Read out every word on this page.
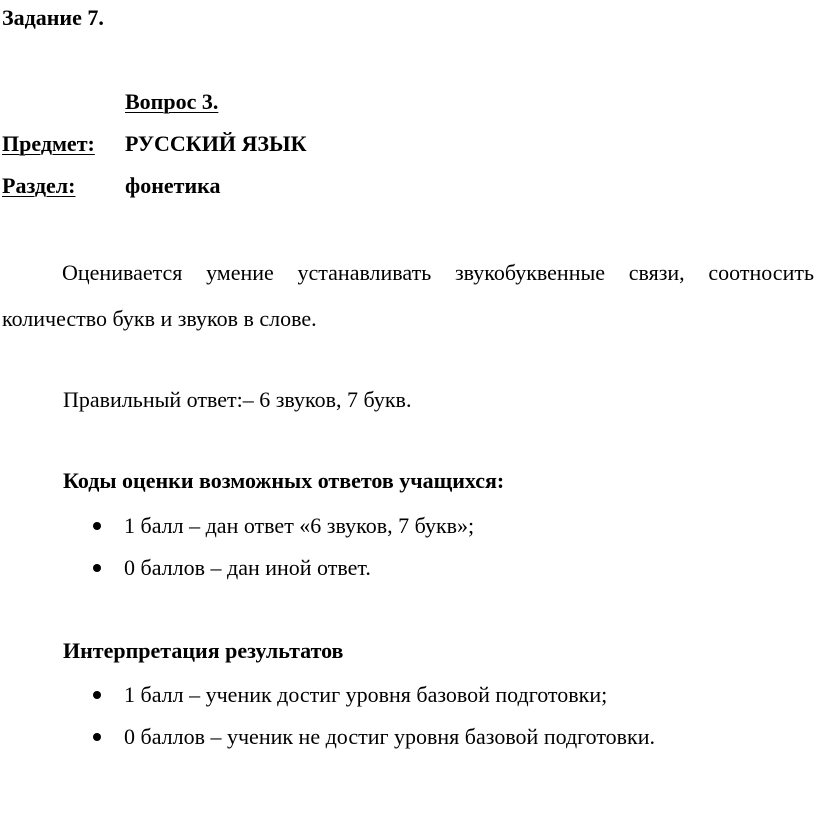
Задание 7.
Вопрос 3.
Предмет: РУССКИЙ ЯЗЫК
Раздел: фонетика
Оценивается умение устанавливать звукобуквенные связи, соотносить
количество букв и звуков в слове.
Правильный ответ:– 6 звуков, 7 букв.
Коды оценки возможных ответов учащихся:
1 балл – дан ответ «6 звуков, 7 букв»;
0 баллов – дан иной ответ.
Интерпретация результатов
1 балл – ученик достиг уровня базовой подготовки;
0 баллов – ученик не достиг уровня базовой подготовки.
